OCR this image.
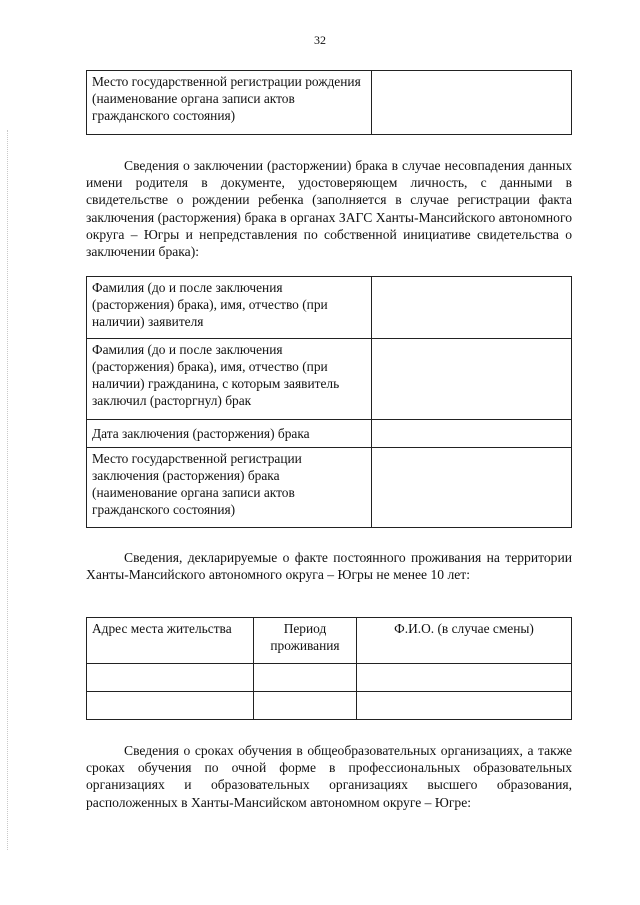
32
Место государственной регистрации рождения (наименование органа записи актов гражданского состояния)	

Сведения о заключении (расторжении) брака в случае несовпадения данных имени родителя в документе, удостоверяющем личность, с данными в свидетельстве о рождении ребенка (заполняется в случае регистрации факта заключения (расторжения) брака в органах ЗАГС Ханты-Мансийского автономного округа – Югры и непредставления по собственной инициативе свидетельства о заключении брака):

Фамилия (до и после заключения (расторжения) брака), имя, отчество (при наличии) заявителя	
Фамилия (до и после заключения (расторжения) брака), имя, отчество (при наличии) гражданина, с которым заявитель заключил (расторгнул) брак	
Дата заключения (расторжения) брака	
Место государственной регистрации заключения (расторжения) брака (наименование органа записи актов гражданского состояния)	

Сведения, декларируемые о факте постоянного проживания на территории Ханты-Мансийского автономного округа – Югры не менее 10 лет:

Адрес места жительства	Период проживания	Ф.И.О. (в случае смены)

Сведения о сроках обучения в общеобразовательных организациях, а также сроках обучения по очной форме в профессиональных образовательных организациях и образовательных организациях высшего образования, расположенных в Ханты-Мансийском автономном округе – Югре:
